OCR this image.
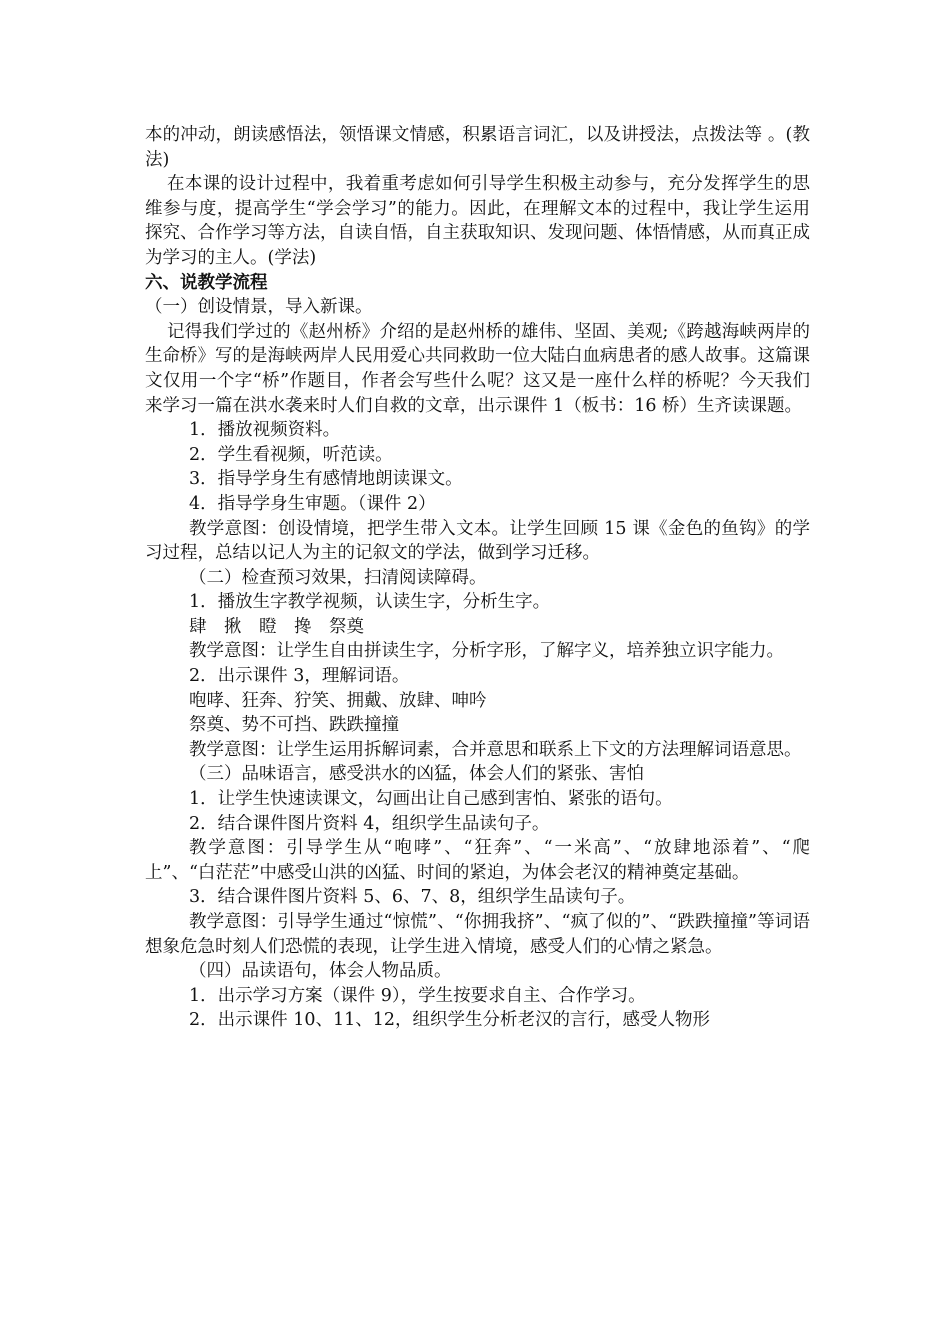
本的冲动，朗读感悟法，领悟课文情感，积累语言词汇，以及讲授法，点拨法等 。(教法)

在本课的设计过程中，我着重考虑如何引导学生积极主动参与，充分发挥学生的思维参与度，提高学生“学会学习”的能力。因此，在理解文本的过程中，我让学生运用探究、合作学习等方法，自读自悟，自主获取知识、发现问题、体悟情感，从而真正成为学习的主人。(学法)

六、说教学流程

（一）创设情景，导入新课。

记得我们学过的《赵州桥》介绍的是赵州桥的雄伟、坚固、美观;《跨越海峡两岸的生命桥》写的是海峡两岸人民用爱心共同救助一位大陆白血病患者的感人故事。这篇课文仅用一个字“桥”作题目，作者会写些什么呢？这又是一座什么样的桥呢？今天我们来学习一篇在洪水袭来时人们自救的文章，出示课件 1（板书：16 桥）生齐读课题。

1．播放视频资料。

2．学生看视频，听范读。

3．指导学身生有感情地朗读课文。

4．指导学身生审题。（课件 2）

教学意图：创设情境，把学生带入文本。让学生回顾 15 课《金色的鱼钩》的学习过程，总结以记人为主的记叙文的学法，做到学习迁移。

（二）检查预习效果，扫清阅读障碍。

1．播放生字教学视频，认读生字，分析生字。

肆　揪　瞪　搀　祭奠

教学意图：让学生自由拼读生字，分析字形，了解字义，培养独立识字能力。

2．出示课件 3，理解词语。

咆哮、狂奔、狞笑、拥戴、放肆、呻吟

祭奠、势不可挡、跌跌撞撞

教学意图：让学生运用拆解词素，合并意思和联系上下文的方法理解词语意思。

（三）品味语言，感受洪水的凶猛，体会人们的紧张、害怕

1．让学生快速读课文，勾画出让自己感到害怕、紧张的语句。

2．结合课件图片资料 4，组织学生品读句子。

教学意图：引导学生从“咆哮”、“狂奔”、“一米高”、“放肆地添着”、“爬上”、“白茫茫”中感受山洪的凶猛、时间的紧迫，为体会老汉的精神奠定基础。

3．结合课件图片资料 5、6、7、8，组织学生品读句子。

教学意图：引导学生通过“惊慌”、“你拥我挤”、“疯了似的”、“跌跌撞撞”等词语想象危急时刻人们恐慌的表现，让学生进入情境，感受人们的心情之紧急。

（四）品读语句，体会人物品质。

1．出示学习方案（课件 9），学生按要求自主、合作学习。

2．出示课件 10、11、12，组织学生分析老汉的言行，感受人物形
